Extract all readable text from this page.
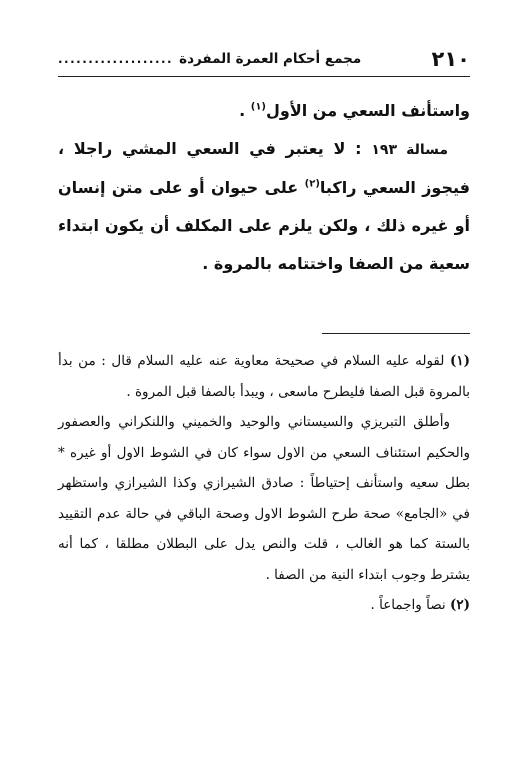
٢١٠
مجمع أحكام العمرة المفردة
...................

واستأنف السعي من الأول$^{(١)}$ .

مسالة ١٩٣ : لا يعتبر في السعي المشي راجلا ، فيجوز السعي راكبا$^{(٢)}$ على حيوان أو على متن إنسان أو غيره ذلك ، ولكن يلزم على المكلف أن يكون ابتداء سعية من الصفا واختتامه بالمروة .

(١) لقوله عليه السلام في صحيحة معاوية عنه عليه السلام قال : من بدأ بالمروة قبل الصفا فليطرح ماسعى ، ويبدأ بالصفا قبل المروة .

وأطلق التبريزي والسيستاني والوحيد والخميني واللنكراني والعصفور والحكيم استئناف السعي من الاول سواء كان في الشوط الاول أو غيره * بطل سعيه واستأنف إحتياطاً : صادق الشيرازي وكذا الشيرازي واستظهر في «الجامع» صحة طرح الشوط الاول وصحة الباقي في حالة عدم التقييد بالستة كما هو الغالب ، قلت والنص يدل على البطلان مطلقا ، كما أنه يشترط وجوب ابتداء النية من الصفا .

(٢) نصاً واجماعاً .
